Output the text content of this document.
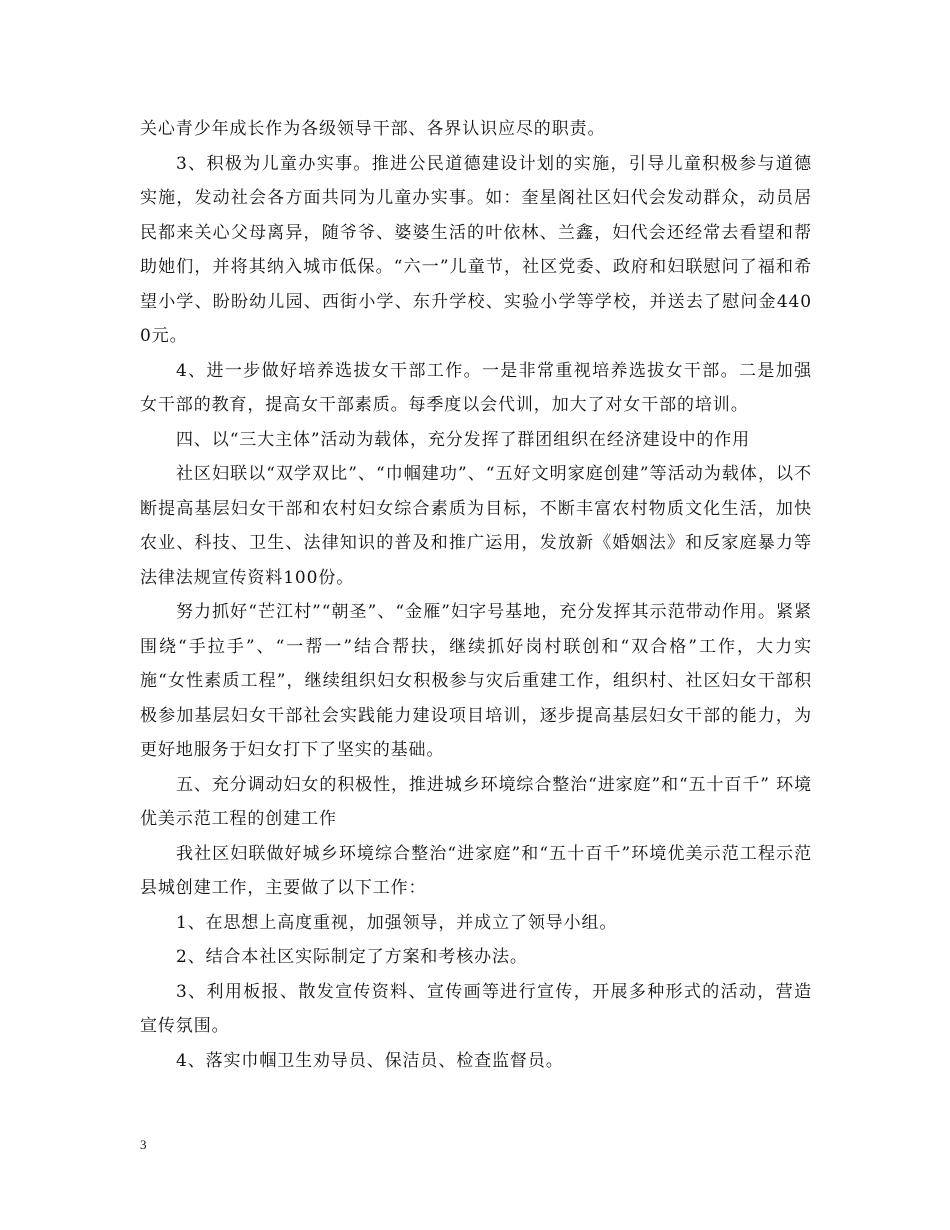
关心青少年成长作为各级领导干部、各界认识应尽的职责。

3、积极为儿童办实事。推进公民道德建设计划的实施，引导儿童积极参与道德实施，发动社会各方面共同为儿童办实事。如：奎星阁社区妇代会发动群众，动员居民都来关心父母离异，随爷爷、婆婆生活的叶依林、兰鑫，妇代会还经常去看望和帮助她们，并将其纳入城市低保。“六一”儿童节，社区党委、政府和妇联慰问了福和希望小学、盼盼幼儿园、西街小学、东升学校、实验小学等学校，并送去了慰问金4400元。

4、进一步做好培养选拔女干部工作。一是非常重视培养选拔女干部。二是加强女干部的教育，提高女干部素质。每季度以会代训，加大了对女干部的培训。

四、以“三大主体”活动为载体，充分发挥了群团组织在经济建设中的作用

社区妇联以“双学双比”、“巾帼建功”、“五好文明家庭创建”等活动为载体，以不断提高基层妇女干部和农村妇女综合素质为目标，不断丰富农村物质文化生活，加快农业、科技、卫生、法律知识的普及和推广运用，发放新《婚姻法》和反家庭暴力等法律法规宣传资料100份。

努力抓好“芒江村”“朝圣”、“金雁”妇字号基地，充分发挥其示范带动作用。紧紧围绕“手拉手”、“一帮一”结合帮扶，继续抓好岗村联创和“双合格”工作，大力实施“女性素质工程”，继续组织妇女积极参与灾后重建工作，组织村、社区妇女干部积极参加基层妇女干部社会实践能力建设项目培训，逐步提高基层妇女干部的能力，为更好地服务于妇女打下了坚实的基础。

五、充分调动妇女的积极性，推进城乡环境综合整治“进家庭”和“五十百千” 环境优美示范工程的创建工作

我社区妇联做好城乡环境综合整治“进家庭”和“五十百千”环境优美示范工程示范县城创建工作，主要做了以下工作：

1、在思想上高度重视，加强领导，并成立了领导小组。

2、结合本社区实际制定了方案和考核办法。

3、利用板报、散发宣传资料、宣传画等进行宣传，开展多种形式的活动，营造宣传氛围。

4、落实巾帼卫生劝导员、保洁员、检查监督员。

3
